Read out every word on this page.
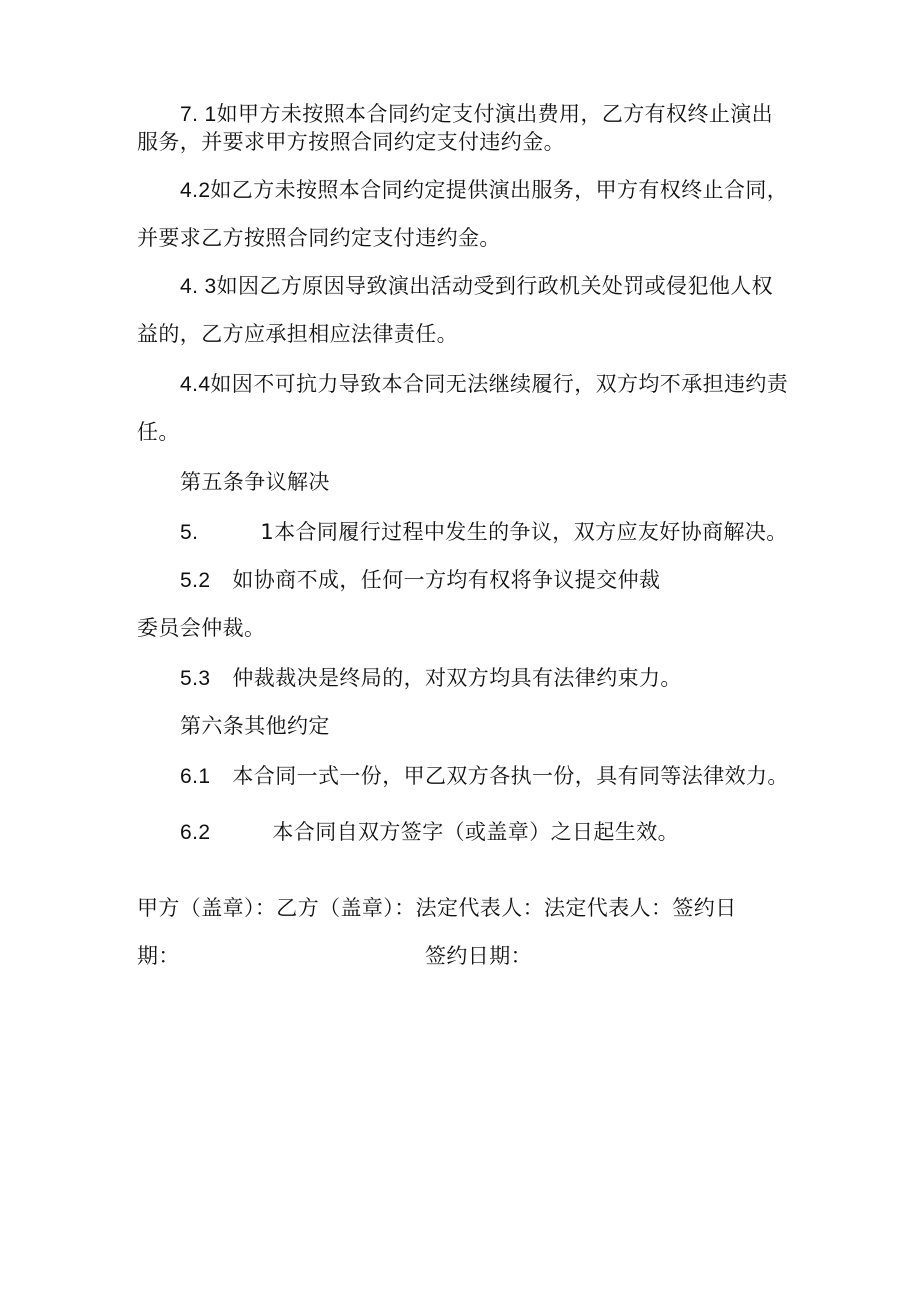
7. 1如甲方未按照本合同约定支付演出费用，乙方有权终止演出
服务，并要求甲方按照合同约定支付违约金。
4.2如乙方未按照本合同约定提供演出服务，甲方有权终止合同，
并要求乙方按照合同约定支付违约金。
4. 3如因乙方原因导致演出活动受到行政机关处罚或侵犯他人权
益的，乙方应承担相应法律责任。
4.4如因不可抗力导致本合同无法继续履行，双方均不承担违约责
任。
第五条争议解决
5.	1本合同履行过程中发生的争议，双方应友好协商解决。
5.2 如协商不成，任何一方均有权将争议提交仲裁
委员会仲裁。
5.3 仲裁裁决是终局的，对双方均具有法律约束力。
第六条其他约定
6.1 本合同一式一份，甲乙双方各执一份，具有同等法律效力。
6.2	本合同自双方签字（或盖章）之日起生效。
甲方（盖章）：乙方（盖章）：法定代表人：法定代表人：签约日
期：	签约日期：
